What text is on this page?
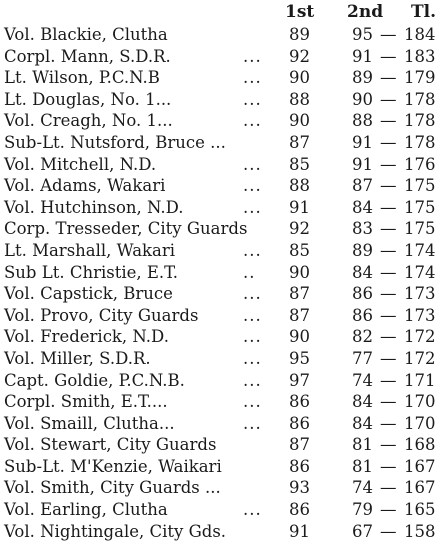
1st 2nd Tl.
Vol. Blackie, Clutha	89	95 — 184
Corpl. Mann, S.D.R.	... 92	91 — 183
Lt. Wilson, P.C.N.B	... 90	89 — 179
Lt. Douglas, No. 1...	... 88	90 — 178
Vol. Creagh, No. 1...	... 90	88 — 178
Sub-Lt. Nutsford, Bruce ...	87	91 — 178
Vol. Mitchell, N.D.	... 85	91 — 176
Vol. Adams, Wakari	... 88	87 — 175
Vol. Hutchinson, N.D.	... 91	84 — 175
Corp. Tresseder, City Guards	92	83 — 175
Lt. Marshall, Wakari	... 85	89 — 174
Sub Lt. Christie, E.T.	.. 90	84 — 174
Vol. Capstick, Bruce	... 87	86 — 173
Vol. Provo, City Guards	... 87	86 — 173
Vol. Frederick, N.D.	... 90	82 — 172
Vol. Miller, S.D.R.	... 95	77 — 172
Capt. Goldie, P.C.N.B.	... 97	74 — 171
Corpl. Smith, E.T....	... 86	84 — 170
Vol. Smaill, Clutha...	... 86	84 — 170
Vol. Stewart, City Guards	87	81 — 168
Sub-Lt. M'Kenzie, Waikari	86	81 — 167
Vol. Smith, City Guards ...	93	74 — 167
Vol. Earling, Clutha	... 86	79 — 165
Vol. Nightingale, City Gds.	91	67 — 158
